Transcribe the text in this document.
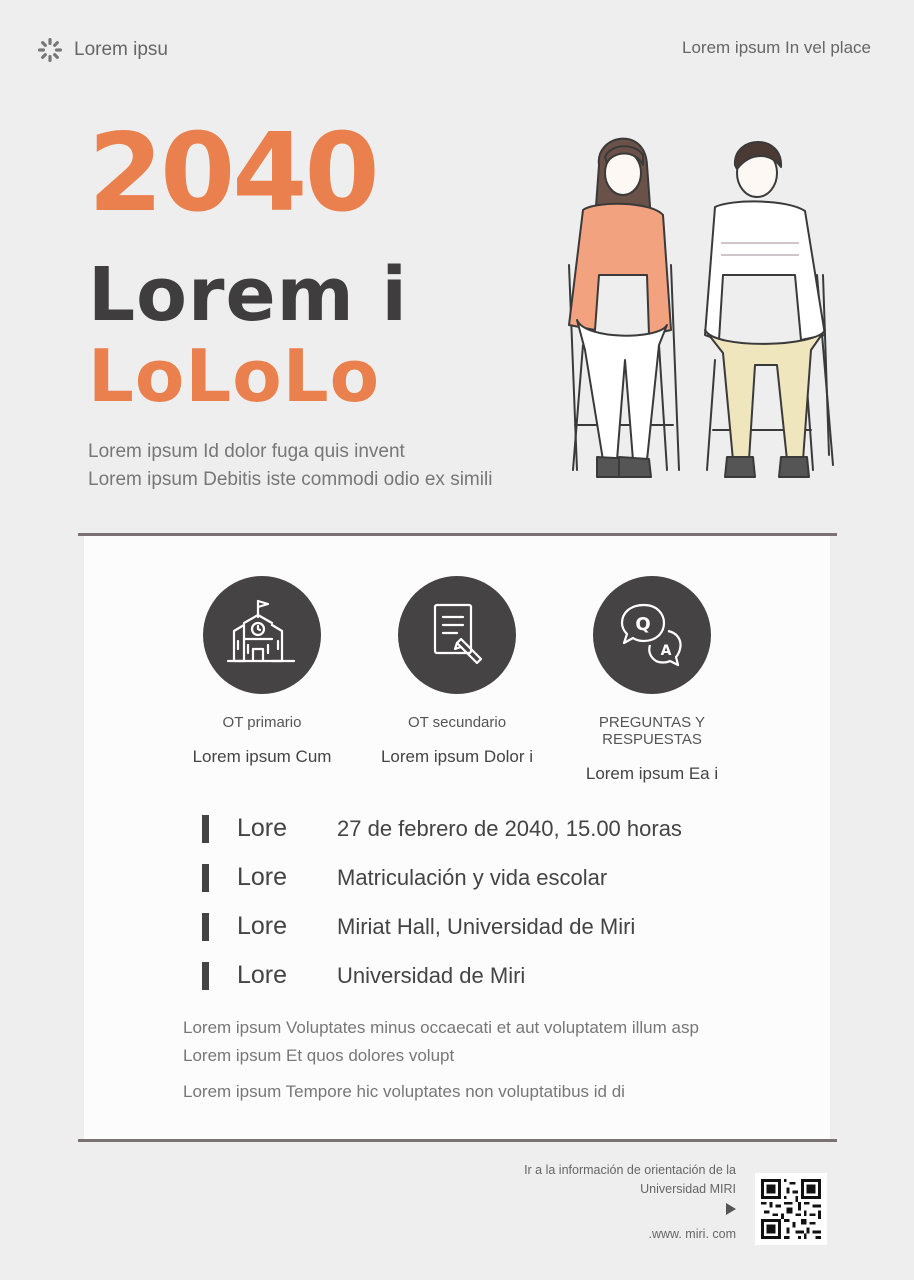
Lorem ipsu	Lorem ipsum In vel place
2040
Lorem i
LoLoLo
Lorem ipsum Id dolor fuga quis invent
Lorem ipsum Debitis iste commodi odio ex simili
OT primario
Lorem ipsum Cum
OT secundario
Lorem ipsum Dolor i
Q
A
PREGUNTAS Y RESPUESTAS
Lorem ipsum Ea i
Lore	27 de febrero de 2040, 15.00 horas
Lore	Matriculación y vida escolar
Lore	Miriat Hall, Universidad de Miri
Lore	Universidad de Miri
Lorem ipsum Voluptates minus occaecati et aut voluptatem illum asp
Lorem ipsum Et quos dolores volupt
Lorem ipsum Tempore hic voluptates non voluptatibus id di
Ir a la información de orientación de la
Universidad MIRI
.www. miri. com
